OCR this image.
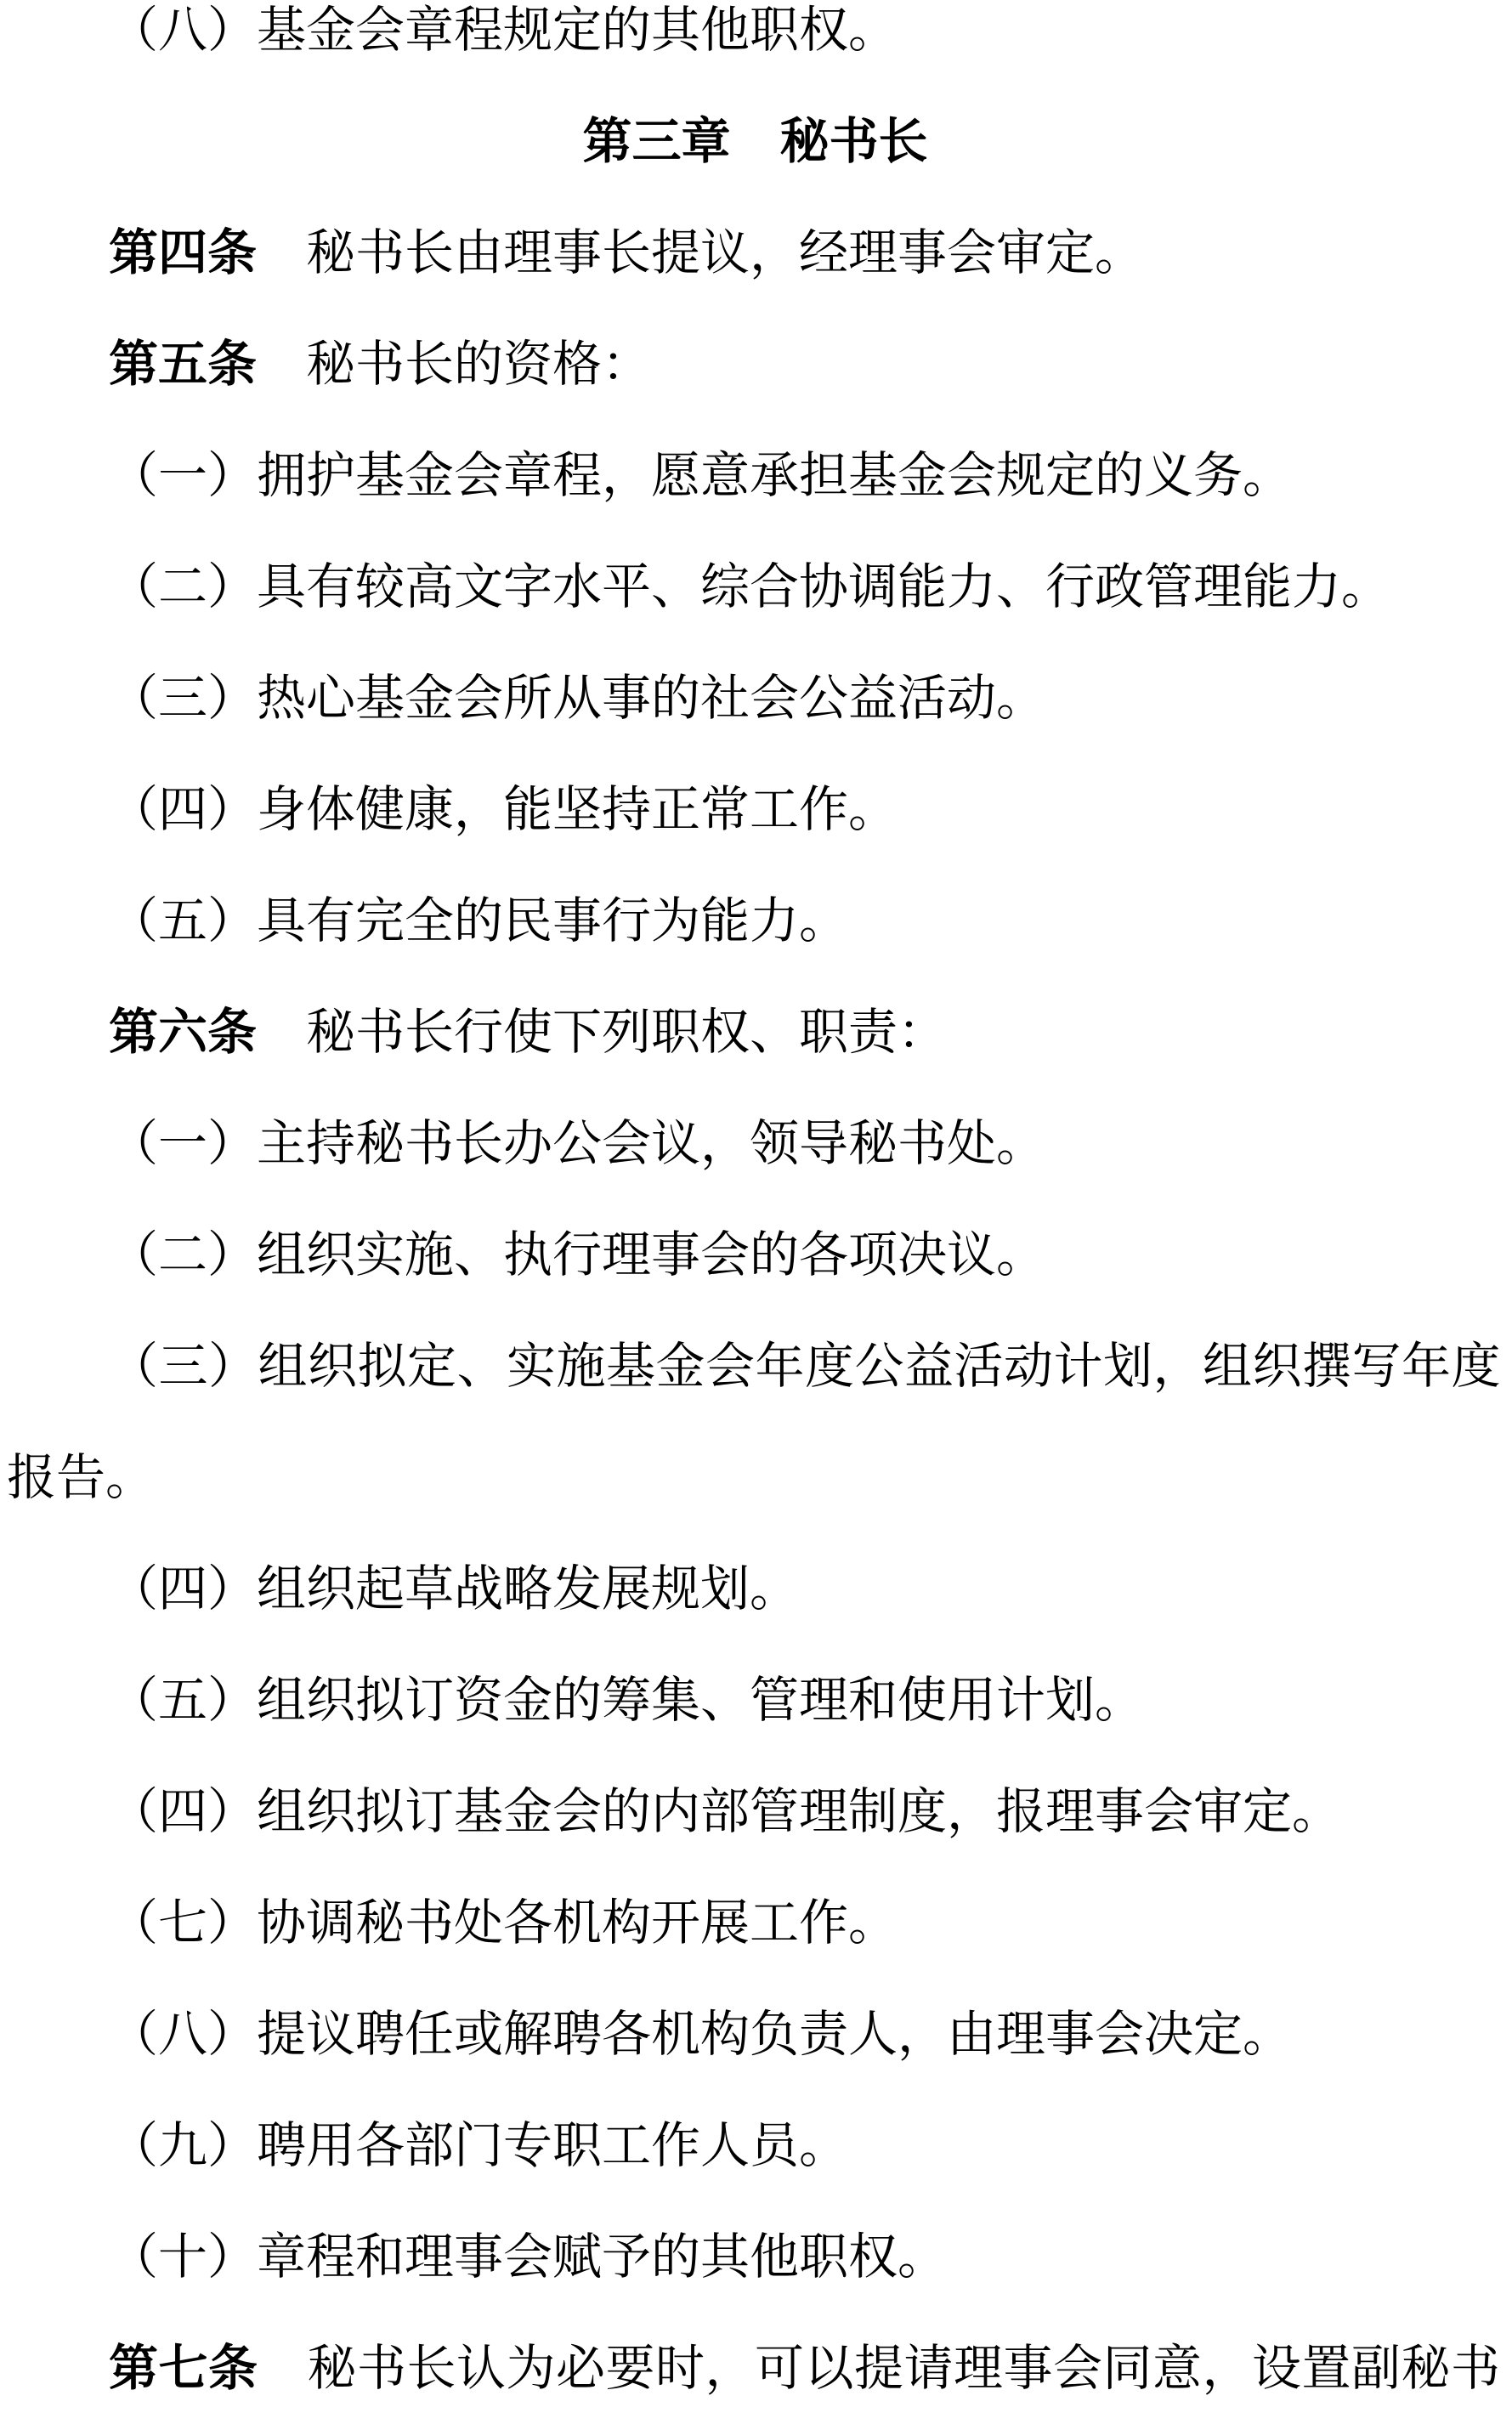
（八）基金会章程规定的其他职权。
第三章 秘书长
第四条 秘书长由理事长提议，经理事会审定。
第五条 秘书长的资格：
（一）拥护基金会章程，愿意承担基金会规定的义务。
（二）具有较高文字水平、综合协调能力、行政管理能力。
（三）热心基金会所从事的社会公益活动。
（四）身体健康，能坚持正常工作。
（五）具有完全的民事行为能力。
第六条 秘书长行使下列职权、职责：
（一）主持秘书长办公会议，领导秘书处。
（二）组织实施、执行理事会的各项决议。
（三）组织拟定、实施基金会年度公益活动计划，组织撰写年度
报告。
（四）组织起草战略发展规划。
（五）组织拟订资金的筹集、管理和使用计划。
（四）组织拟订基金会的内部管理制度，报理事会审定。
（七）协调秘书处各机构开展工作。
（八）提议聘任或解聘各机构负责人，由理事会决定。
（九）聘用各部门专职工作人员。
（十）章程和理事会赋予的其他职权。
第七条 秘书长认为必要时，可以提请理事会同意，设置副秘书
